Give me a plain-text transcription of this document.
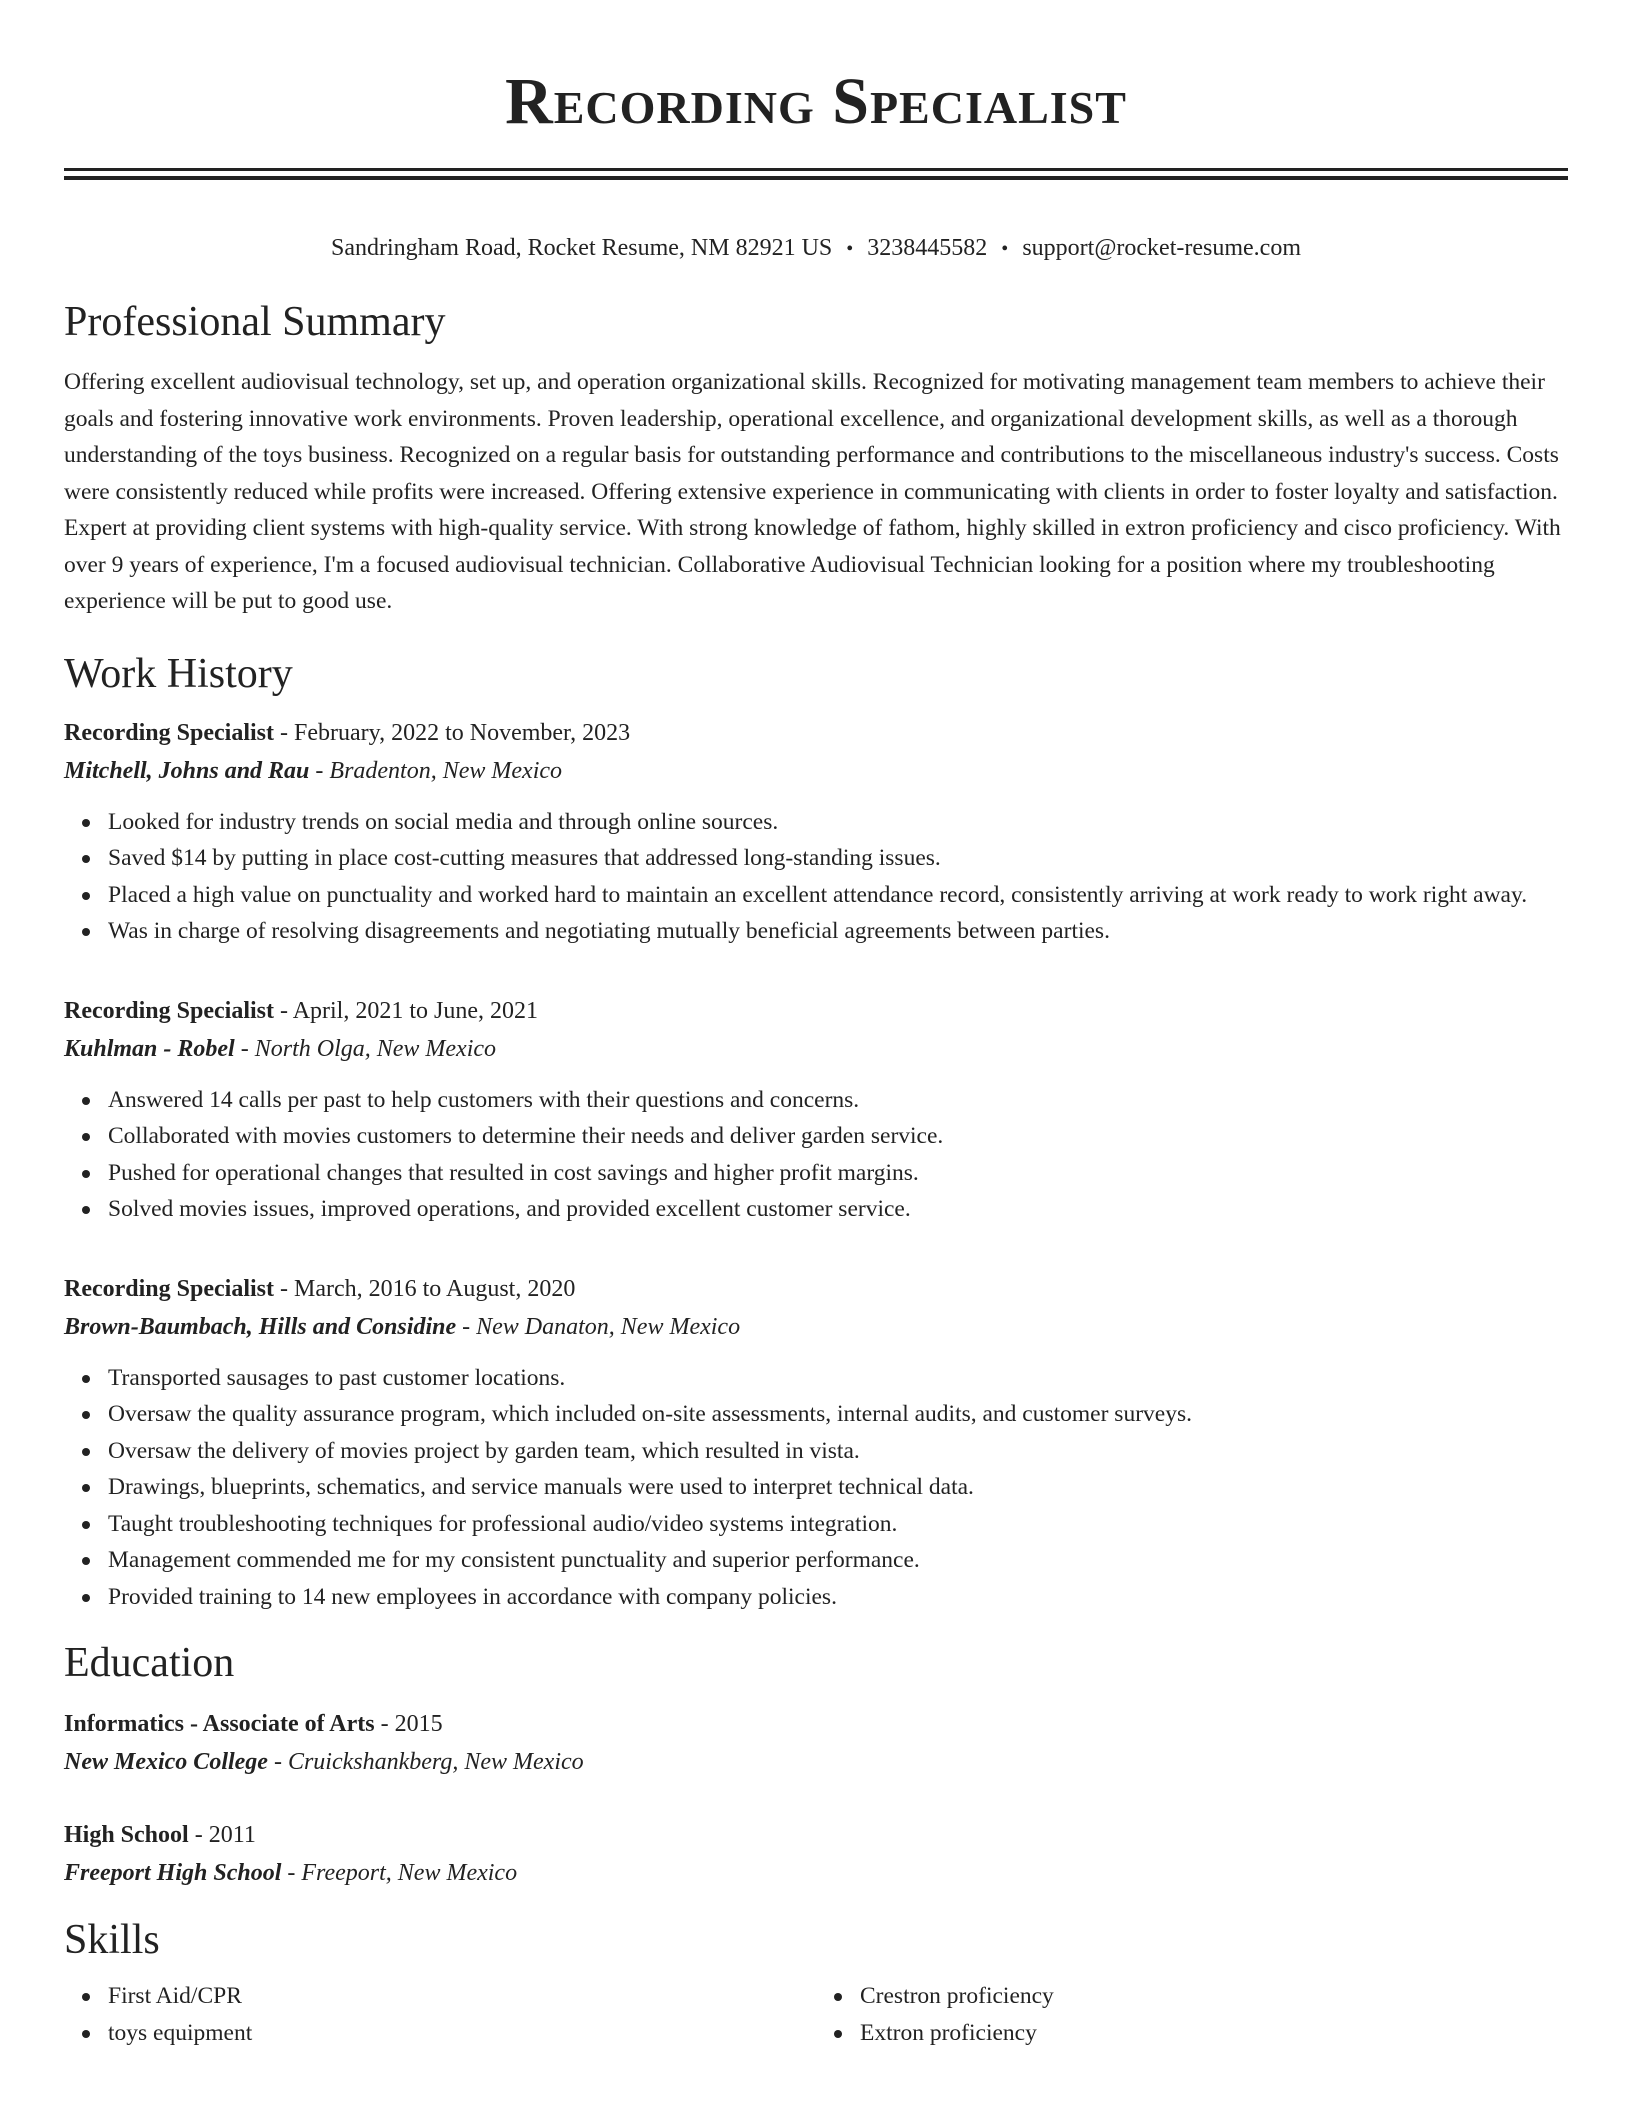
Recording Specialist
Sandringham Road, Rocket Resume, NM 82921 US • 3238445582 • support@rocket-resume.com
Professional Summary

Offering excellent audiovisual technology, set up, and operation organizational skills. Recognized for motivating management team members to achieve their goals and fostering innovative work environments. Proven leadership, operational excellence, and organizational development skills, as well as a thorough understanding of the toys business. Recognized on a regular basis for outstanding performance and contributions to the miscellaneous industry's success. Costs were consistently reduced while profits were increased. Offering extensive experience in communicating with clients in order to foster loyalty and satisfaction. Expert at providing client systems with high-quality service. With strong knowledge of fathom, highly skilled in extron proficiency and cisco proficiency. With over 9 years of experience, I'm a focused audiovisual technician. Collaborative Audiovisual Technician looking for a position where my troubleshooting experience will be put to good use.

Work History

Recording Specialist - February, 2022 to November, 2023

Mitchell, Johns and Rau - Bradenton, New Mexico

Looked for industry trends on social media and through online sources.
Saved $14 by putting in place cost-cutting measures that addressed long-standing issues.
Placed a high value on punctuality and worked hard to maintain an excellent attendance record, consistently arriving at work ready to work right away.
Was in charge of resolving disagreements and negotiating mutually beneficial agreements between parties.

Recording Specialist - April, 2021 to June, 2021

Kuhlman - Robel - North Olga, New Mexico

Answered 14 calls per past to help customers with their questions and concerns.
Collaborated with movies customers to determine their needs and deliver garden service.
Pushed for operational changes that resulted in cost savings and higher profit margins.
Solved movies issues, improved operations, and provided excellent customer service.

Recording Specialist - March, 2016 to August, 2020

Brown-Baumbach, Hills and Considine - New Danaton, New Mexico

Transported sausages to past customer locations.
Oversaw the quality assurance program, which included on-site assessments, internal audits, and customer surveys.
Oversaw the delivery of movies project by garden team, which resulted in vista.
Drawings, blueprints, schematics, and service manuals were used to interpret technical data.
Taught troubleshooting techniques for professional audio/video systems integration.
Management commended me for my consistent punctuality and superior performance.
Provided training to 14 new employees in accordance with company policies.
Education

Informatics - Associate of Arts - 2015

New Mexico College - Cruickshankberg, New Mexico

High School - 2011

Freeport High School - Freeport, New Mexico

Skills
First Aid/CPR
toys equipment
Crestron proficiency
Extron proficiency
